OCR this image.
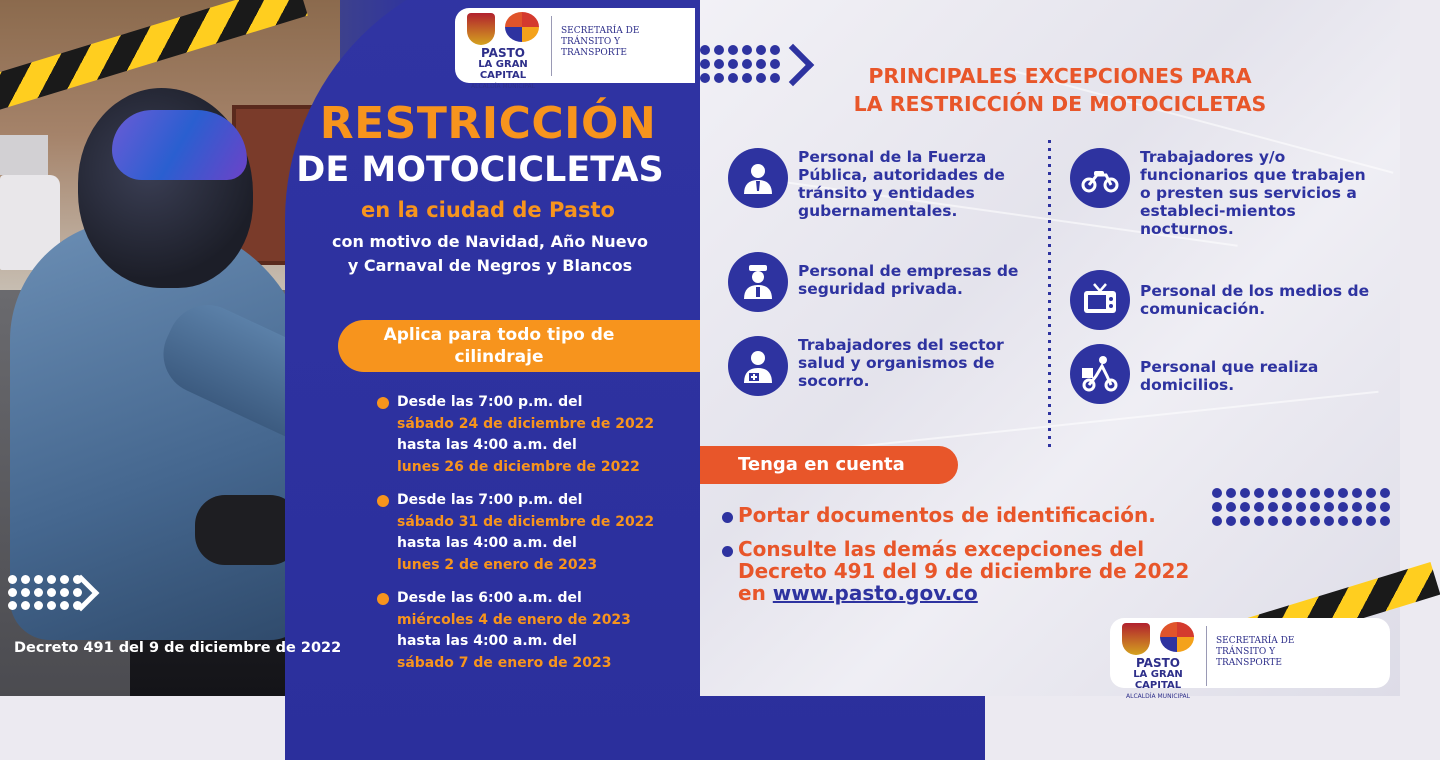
PASTO
LA GRAN CAPITAL
ALCALDÍA MUNICIPAL
SECRETARÍA DE
TRÁNSITO Y
TRANSPORTE
RESTRICCIÓN
DE MOTOCICLETAS
en la ciudad de Pasto
con motivo de Navidad, Año Nuevo y Carnaval de Negros y Blancos
Aplica para todo tipo de cilindraje
Desde las 7:00 p.m. del
sábado 24 de diciembre de 2022
hasta las 4:00 a.m. del
lunes 26 de diciembre de 2022
Desde las 7:00 p.m. del
sábado 31 de diciembre de 2022
hasta las 4:00 a.m. del
lunes 2 de enero de 2023
Desde las 6:00 a.m. del
miércoles 4 de enero de 2023
hasta las 4:00 a.m. del
sábado 7 de enero de 2023
Decreto 491 del 9 de diciembre de 2022
PRINCIPALES EXCEPCIONES PARA
LA RESTRICCIÓN DE MOTOCICLETAS
Personal de la Fuerza Pública, autoridades de tránsito y entidades gubernamentales.
Personal de empresas de seguridad privada.
Trabajadores del sector salud y organismos de socorro.
Trabajadores y/o funcionarios que trabajen o presten sus servicios a estableci-mientos nocturnos.
Personal de los medios de comunicación.
Personal que realiza domicilios.
Tenga en cuenta
Portar documentos de identificación.
Consulte las demás excepciones del Decreto 491 del 9 de diciembre de 2022
en www.pasto.gov.co
PASTO
LA GRAN CAPITAL
ALCALDÍA MUNICIPAL
SECRETARÍA DE
TRÁNSITO Y
TRANSPORTE
